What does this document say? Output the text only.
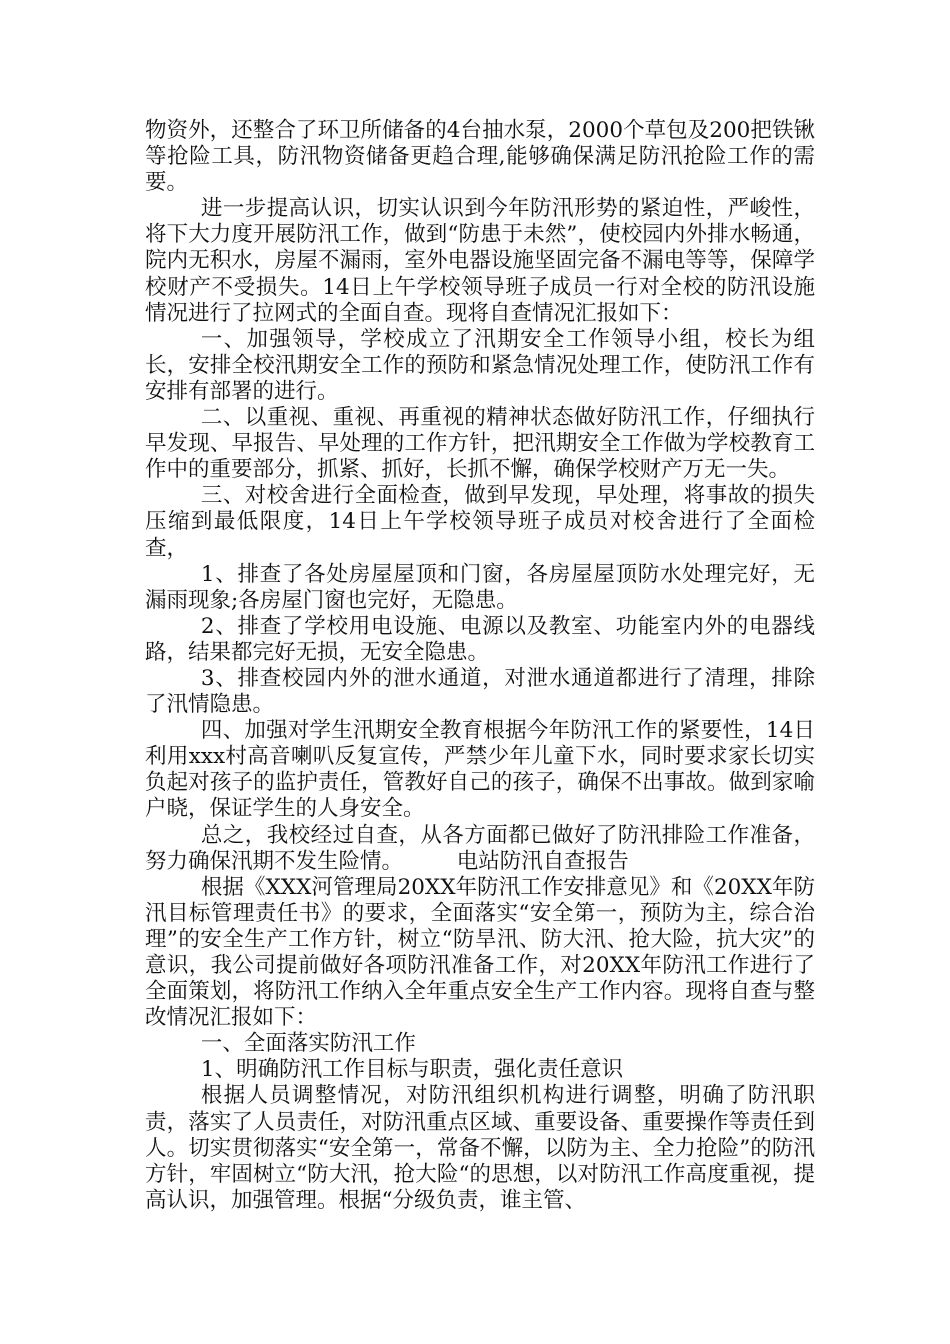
物资外，还整合了环卫所储备的4台抽水泵，2000个草包及200把铁锹等抢险工具，防汛物资储备更趋合理,能够确保满足防汛抢险工作的需要。

进一步提高认识，切实认识到今年防汛形势的紧迫性，严峻性，将下大力度开展防汛工作，做到“防患于未然”，使校园内外排水畅通，院内无积水，房屋不漏雨，室外电器设施坚固完备不漏电等等，保障学校财产不受损失。14日上午学校领导班子成员一行对全校的防汛设施情况进行了拉网式的全面自查。现将自查情况汇报如下：

一、加强领导，学校成立了汛期安全工作领导小组，校长为组长，安排全校汛期安全工作的预防和紧急情况处理工作，使防汛工作有安排有部署的进行。

二、以重视、重视、再重视的精神状态做好防汛工作，仔细执行早发现、早报告、早处理的工作方针，把汛期安全工作做为学校教育工作中的重要部分，抓紧、抓好，长抓不懈，确保学校财产万无一失。

三、对校舍进行全面检查，做到早发现，早处理，将事故的损失压缩到最低限度，14日上午学校领导班子成员对校舍进行了全面检查，

1、排查了各处房屋屋顶和门窗，各房屋屋顶防水处理完好，无漏雨现象;各房屋门窗也完好，无隐患。

2、排查了学校用电设施、电源以及教室、功能室内外的电器线路，结果都完好无损，无安全隐患。

3、排查校园内外的泄水通道，对泄水通道都进行了清理，排除了汛情隐患。

四、加强对学生汛期安全教育根据今年防汛工作的紧要性，14日利用xxx村高音喇叭反复宣传，严禁少年儿童下水，同时要求家长切实负起对孩子的监护责任，管教好自己的孩子，确保不出事故。做到家喻户晓，保证学生的人身安全。

总之，我校经过自查，从各方面都已做好了防汛排险工作准备，努力确保汛期不发生险情。　　　电站防汛自查报告

根据《XXX河管理局20XX年防汛工作安排意见》和《20XX年防汛目标管理责任书》的要求，全面落实“安全第一，预防为主，综合治理”的安全生产工作方针，树立“防旱汛、防大汛、抢大险，抗大灾”的意识，我公司提前做好各项防汛准备工作，对20XX年防汛工作进行了全面策划，将防汛工作纳入全年重点安全生产工作内容。现将自查与整改情况汇报如下：

一、全面落实防汛工作

1、明确防汛工作目标与职责，强化责任意识

根据人员调整情况，对防汛组织机构进行调整，明确了防汛职责，落实了人员责任，对防汛重点区域、重要设备、重要操作等责任到人。切实贯彻落实“安全第一，常备不懈，以防为主、全力抢险”的防汛方针，牢固树立“防大汛，抢大险“的思想，以对防汛工作高度重视，提高认识，加强管理。根据“分级负责，谁主管、
